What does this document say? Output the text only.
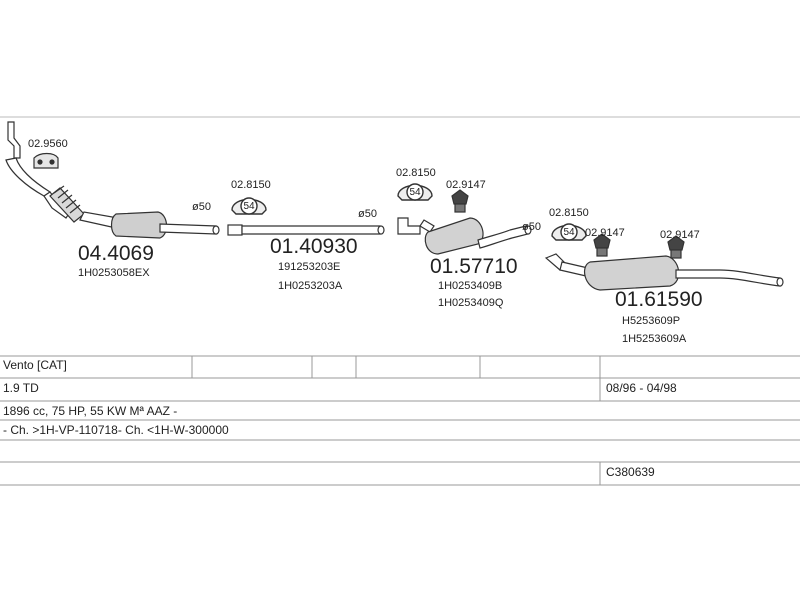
54
54
54
02.9560
04.4069
1H0253058EX
ø50
02.8150
01.40930
191253203E
1H0253203A
ø50
02.8150
02.9147
01.57710
1H0253409B
1H0253409Q
ø50
02.8150
02.9147	02.9147
01.61590
H5253609P
1H5253609A
Vento [CAT]
1.9 TD	08/96 - 04/98
1896 cc, 75 HP, 55 KW Mª AAZ -
- Ch. >1H-VP-110718- Ch. <1H-W-300000
C380639
